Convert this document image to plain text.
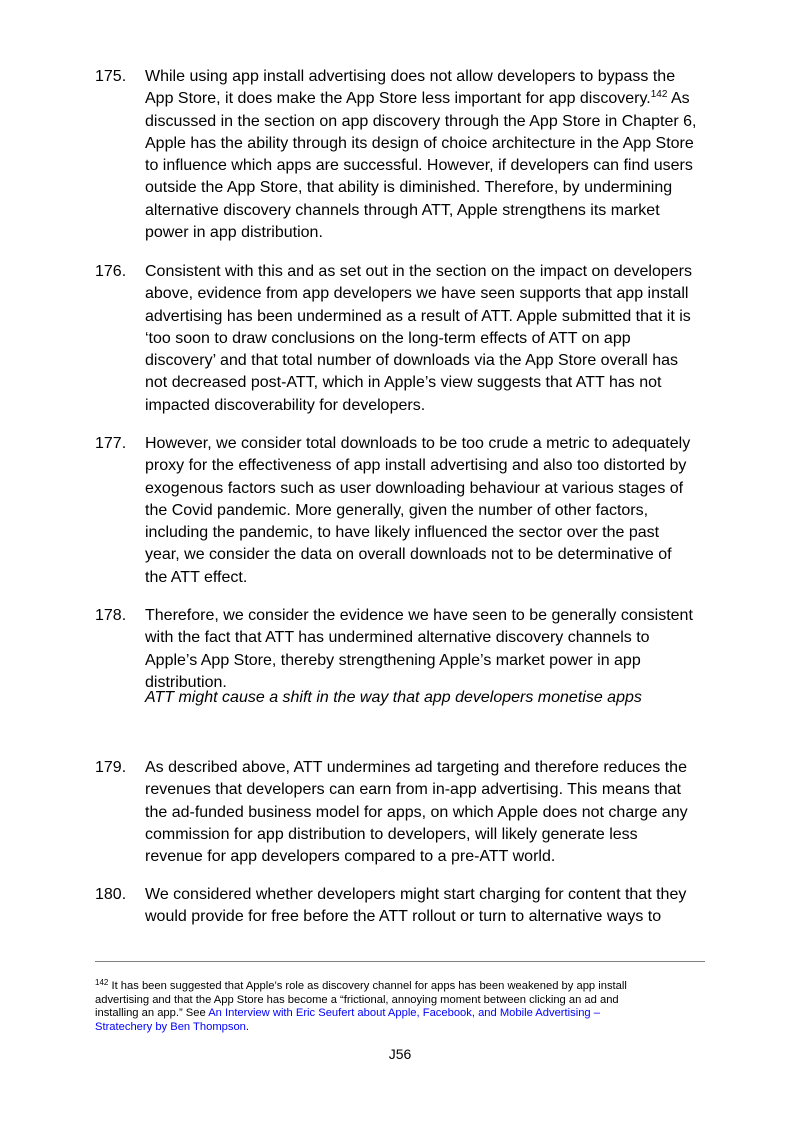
175. While using app install advertising does not allow developers to bypass the
App Store, it does make the App Store less important for app discovery.$^{142}$ As
discussed in the section on app discovery through the App Store in Chapter 6,
Apple has the ability through its design of choice architecture in the App Store
to influence which apps are successful. However, if developers can find users
outside the App Store, that ability is diminished. Therefore, by undermining
alternative discovery channels through ATT, Apple strengthens its market
power in app distribution.
176. Consistent with this and as set out in the section on the impact on developers
above, evidence from app developers we have seen supports that app install
advertising has been undermined as a result of ATT. Apple submitted that it is
‘too soon to draw conclusions on the long-term effects of ATT on app
discovery’ and that total number of downloads via the App Store overall has
not decreased post-ATT, which in Apple’s view suggests that ATT has not
impacted discoverability for developers.
177. However, we consider total downloads to be too crude a metric to adequately
proxy for the effectiveness of app install advertising and also too distorted by
exogenous factors such as user downloading behaviour at various stages of
the Covid pandemic. More generally, given the number of other factors,
including the pandemic, to have likely influenced the sector over the past
year, we consider the data on overall downloads not to be determinative of
the ATT effect.
178. Therefore, we consider the evidence we have seen to be generally consistent
with the fact that ATT has undermined alternative discovery channels to
Apple’s App Store, thereby strengthening Apple’s market power in app
distribution.
ATT might cause a shift in the way that app developers monetise apps
179. As described above, ATT undermines ad targeting and therefore reduces the
revenues that developers can earn from in-app advertising. This means that
the ad-funded business model for apps, on which Apple does not charge any
commission for app distribution to developers, will likely generate less
revenue for app developers compared to a pre-ATT world.
180. We considered whether developers might start charging for content that they
would provide for free before the ATT rollout or turn to alternative ways to
$^{142}$ It has been suggested that Apple’s role as discovery channel for apps has been weakened by app install
advertising and that the App Store has become a “frictional, annoying moment between clicking an ad and
installing an app.” See An Interview with Eric Seufert about Apple, Facebook, and Mobile Advertising –
Stratechery by Ben Thompson.
J56
